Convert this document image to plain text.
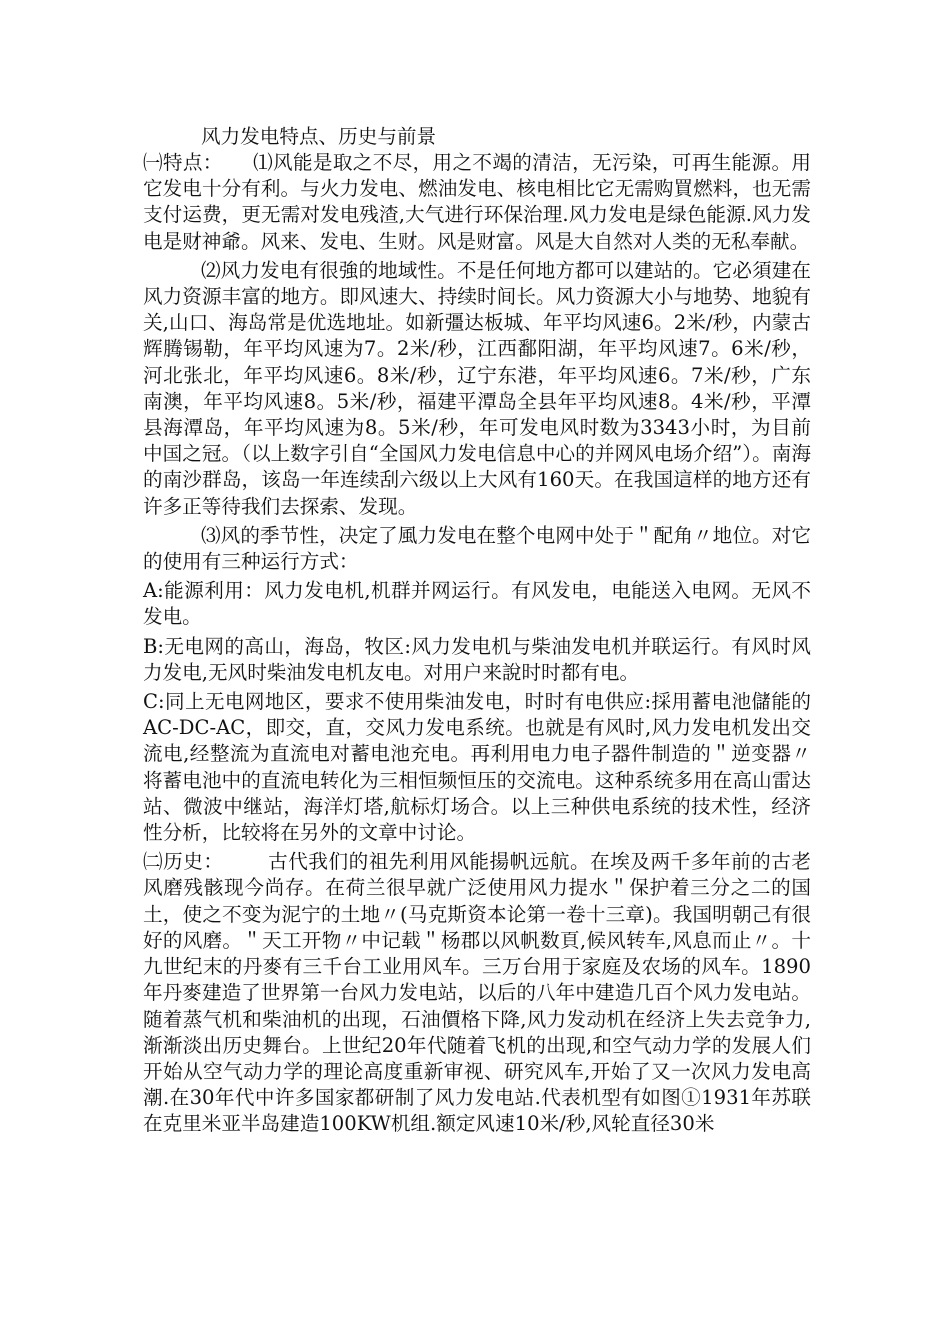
风力发电特点、历史与前景

㈠特点： ⑴风能是取之不尽，用之不竭的清洁，无污染，可再生能源。用它发电十分有利。与火力发电、燃油发电、核电相比它无需购買燃料，也无需支付运费，更无需对发电残渣,大气进行环保治理.风力发电是绿色能源.风力发电是财神爺。风来、发电、生财。风是财富。风是大自然对人类的无私奉献。

⑵风力发电有很強的地域性。不是任何地方都可以建站的。它必須建在风力资源丰富的地方。即风速大、持续时间长。风力资源大小与地势、地貌有关,山口、海岛常是优选地址。如新彊达板城、年平均风速6。2米/秒，内蒙古辉腾锡勒，年平均风速为7。2米/秒，江西鄱阳湖，年平均风速7。6米/秒，河北张北，年平均风速6。8米/秒，辽宁东港，年平均风速6。7米/秒，广东南澳，年平均风速8。5米/秒，福建平潭岛全县年平均风速8。4米/秒，平潭县海潭岛，年平均风速为8。5米/秒，年可发电风时数为3343小时，为目前中国之冠。（以上数字引自“全国风力发电信息中心的并网风电场介绍”）。南海的南沙群岛，该岛一年连续刮六级以上大风有160天。在我国這样的地方还有许多正等待我们去探索、发现。

⑶风的季节性，决定了風力发电在整个电网中处于＂配角〃地位。对它的使用有三种运行方式：

A:能源利用：风力发电机,机群并网运行。有风发电，电能送入电网。无风不发电。

B:无电网的高山，海岛，牧区:风力发电机与柴油发电机并联运行。有风时风力发电,无风时柴油发电机友电。对用户来說时时都有电。

C:同上无电网地区，要求不使用柴油发电，时时有电供应:採用蓄电池儲能的AC-DC-AC，即交，直，交风力发电系统。也就是有风时,风力发电机发出交流电,经整流为直流电对蓄电池充电。再利用电力电子器件制造的＂逆变器〃将蓄电池中的直流电转化为三相恒频恒压的交流电。这种系统多用在高山雷达站、微波中继站，海洋灯塔,航标灯场合。以上三种供电系统的技术性，经济性分析，比较将在另外的文章中讨论。

㈡历史： 古代我们的祖先利用风能揚帆远航。在埃及两千多年前的古老风磨残骸现今尚存。在荷兰很早就广泛使用风力提水＂保护着三分之二的国土，使之不变为泥宁的土地〃(马克斯资本论第一卷十三章)。我国明朝己有很好的风磨。＂天工开物〃中记载＂杨郡以风帆数頁,候风转车,风息而止〃。十九世纪末的丹麥有三千台工业用风车。三万台用于家庭及农场的风车。1890年丹麥建造了世界第一台风力发电站，以后的八年中建造几百个风力发电站。随着蒸气机和柴油机的出现，石油價格下降,风力发动机在经济上失去竞争力,渐渐淡出历史舞台。上世纪20年代随着飞机的出现,和空气动力学的发展人们开始从空气动力学的理论高度重新审视、研究风车,开始了又一次风力发电高潮.在30年代中许多国家都研制了风力发电站.代表机型有如图①1931年苏联在克里米亚半岛建造100KW机组.额定风速10米/秒,风轮直径30米
